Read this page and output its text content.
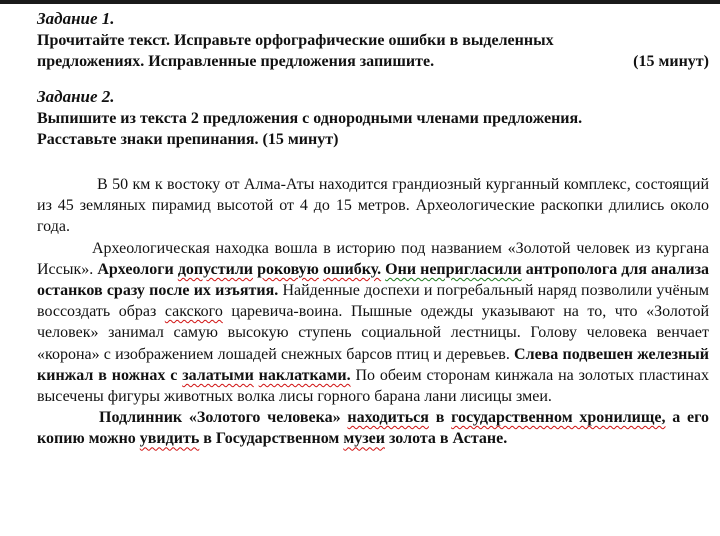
Задание 1.

Прочитайте текст. Исправьте орфографические ошибки в выделенных
предложениях. Исправленные предложения запишите.	(15 минут)

Задание 2.

Выпишите из текста 2 предложения с однородными членами предложения.
Расставьте знаки препинания. (15 минут)

В 50 км к востоку от Алма-Аты находится грандиозный курганный комплекс, состоящий из 45 земляных пирамид высотой от 4 до 15 метров. Археологические раскопки длились около года.

Археологическая находка вошла в историю под названием «Золотой человек из кургана Иссык». Археологи допустили роковую ошибку. Они непригласили антрополога для анализа останков сразу после их изъятия. Найденные доспехи и погребальный наряд позволили учёным воссоздать образ сакского царевича-воина. Пышные одежды указывают на то, что «Золотой человек» занимал самую высокую ступень социальной лестницы. Голову человека венчает «корона» с изображением лошадей снежных барсов птиц и деревьев. Слева подвешен железный кинжал в ножнах с залатыми наклатками. По обеим сторонам кинжала на золотых пластинах высечены фигуры животных волка лисы горного барана лани лисицы змеи.

Подлинник «Золотого человека» находиться в государственном хронилище, а его копию можно увидить в Государственном музеи золота в Астане.
